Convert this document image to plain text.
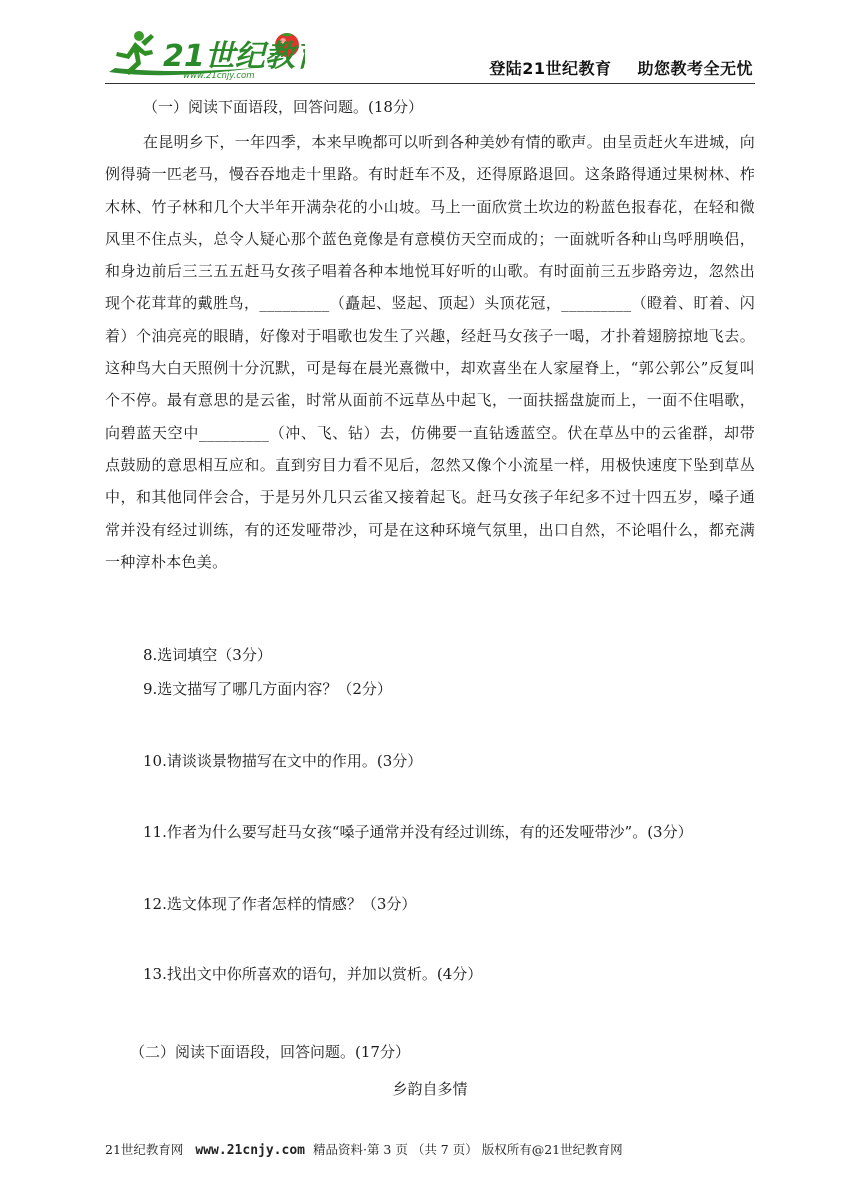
21世纪教
www.21cnjy.com	登陆21世纪教育 助您教考全无忧

（一）阅读下面语段，回答问题。(18分）

在昆明乡下，一年四季，本来早晚都可以听到各种美妙有情的歌声。由呈贡赶火车进城，向例得骑一匹老马，慢吞吞地走十里路。有时赶车不及，还得原路退回。这条路得通过果树林、柞木林、竹子林和几个大半年开满杂花的小山坡。马上一面欣赏土坎边的粉蓝色报春花，在轻和微风里不住点头，总令人疑心那个蓝色竟像是有意模仿天空而成的；一面就听各种山鸟呼朋唤侣，和身边前后三三五五赶马女孩子唱着各种本地悦耳好听的山歌。有时面前三五步路旁边，忽然出现个花茸茸的戴胜鸟，_________（矗起、竖起、顶起）头顶花冠，_________（瞪着、盯着、闪着）个油亮亮的眼睛，好像对于唱歌也发生了兴趣，经赶马女孩子一喝，才扑着翅膀掠地飞去。这种鸟大白天照例十分沉默，可是每在晨光熹微中，却欢喜坐在人家屋脊上，“郭公郭公”反复叫个不停。最有意思的是云雀，时常从面前不远草丛中起飞，一面扶摇盘旋而上，一面不住唱歌，向碧蓝天空中_________（冲、飞、钻）去，仿佛要一直钻透蓝空。伏在草丛中的云雀群，却带点鼓励的意思相互应和。直到穷目力看不见后，忽然又像个小流星一样，用极快速度下坠到草丛中，和其他同伴会合，于是另外几只云雀又接着起飞。赶马女孩子年纪多不过十四五岁，嗓子通常并没有经过训练，有的还发哑带沙，可是在这种环境气氛里，出口自然，不论唱什么，都充满一种淳朴本色美。

8.选词填空（3分）
9.选文描写了哪几方面内容？（2分）
10.请谈谈景物描写在文中的作用。(3分）
11.作者为什么要写赶马女孩“嗓子通常并没有经过训练，有的还发哑带沙”。(3分）
12.选文体现了作者怎样的情感？（3分）
13.找出文中你所喜欢的语句，并加以赏析。(4分）
（二）阅读下面语段，回答问题。(17分）
乡韵自多情
21世纪教育网 www.21cnjy.com 精品资料·第 3 页 （共 7 页） 版权所有@21世纪教育网
